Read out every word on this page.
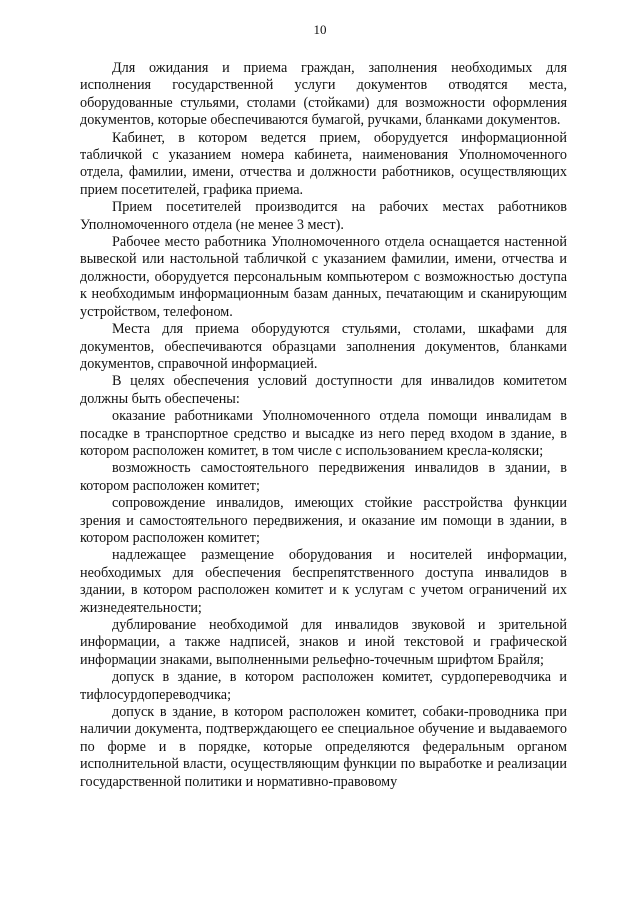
10

Для ожидания и приема граждан, заполнения необходимых для исполнения государственной услуги документов отводятся места, оборудованные стульями, столами (стойками) для возможности оформления документов, которые обеспечиваются бумагой, ручками, бланками документов.

Кабинет, в котором ведется прием, оборудуется информационной табличкой с указанием номера кабинета, наименования Уполномоченного отдела, фамилии, имени, отчества и должности работников, осуществляющих прием посетителей, графика приема.

Прием посетителей производится на рабочих местах работников Уполномоченного отдела (не менее 3 мест).

Рабочее место работника Уполномоченного отдела оснащается настенной вывеской или настольной табличкой с указанием фамилии, имени, отчества и должности, оборудуется персональным компьютером с возможностью доступа к необходимым информационным базам данных, печатающим и сканирующим устройством, телефоном.

Места для приема оборудуются стульями, столами, шкафами для документов, обеспечиваются образцами заполнения документов, бланками документов, справочной информацией.

В целях обеспечения условий доступности для инвалидов комитетом должны быть обеспечены:

оказание работниками Уполномоченного отдела помощи инвалидам в посадке в транспортное средство и высадке из него перед входом в здание, в котором расположен комитет, в том числе с использованием кресла-коляски;

возможность самостоятельного передвижения инвалидов в здании, в котором расположен комитет;

сопровождение инвалидов, имеющих стойкие расстройства функции зрения и самостоятельного передвижения, и оказание им помощи в здании, в котором расположен комитет;

надлежащее размещение оборудования и носителей информации, необходимых для обеспечения беспрепятственного доступа инвалидов в здании, в котором расположен комитет и к услугам с учетом ограничений их жизнедеятельности;

дублирование необходимой для инвалидов звуковой и зрительной информации, а также надписей, знаков и иной текстовой и графической информации знаками, выполненными рельефно-точечным шрифтом Брайля;

допуск в здание, в котором расположен комитет, сурдопереводчика и тифлосурдопереводчика;

допуск в здание, в котором расположен комитет, собаки-проводника при наличии документа, подтверждающего ее специальное обучение и выдаваемого по форме и в порядке, которые определяются федеральным органом исполнительной власти, осуществляющим функции по выработке и реализации государственной политики и нормативно-правовому
